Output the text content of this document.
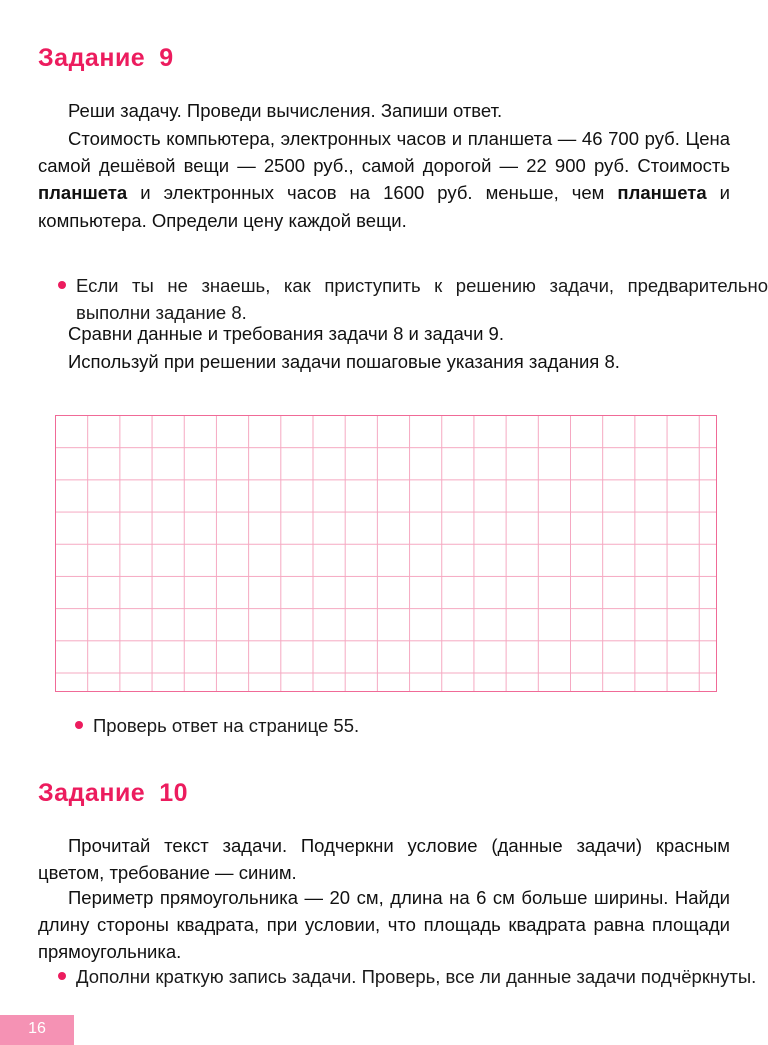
Задание 9
Реши задачу. Проведи вычисления. Запиши ответ.
Стоимость компьютера, электронных часов и планшета — 46 700 руб. Цена самой дешёвой вещи — 2500 руб., самой дорогой — 22 900 руб. Стоимость планшета и электронных часов на 1600 руб. меньше, чем планшета и компьютера. Определи цену каждой вещи.
Если ты не знаешь, как приступить к решению задачи, предварительно выполни задание 8.
Сравни данные и требования задачи 8 и задачи 9.
Используй при решении задачи пошаговые указания задания 8.
Проверь ответ на странице 55.
Задание 10
Прочитай текст задачи. Подчеркни условие (данные задачи) красным цветом, требование — синим.
Периметр прямоугольника — 20 см, длина на 6 см больше ширины. Найди длину стороны квадрата, при условии, что площадь квадрата равна площади прямоугольника.
Дополни краткую запись задачи. Проверь, все ли данные задачи подчёркнуты.
16
